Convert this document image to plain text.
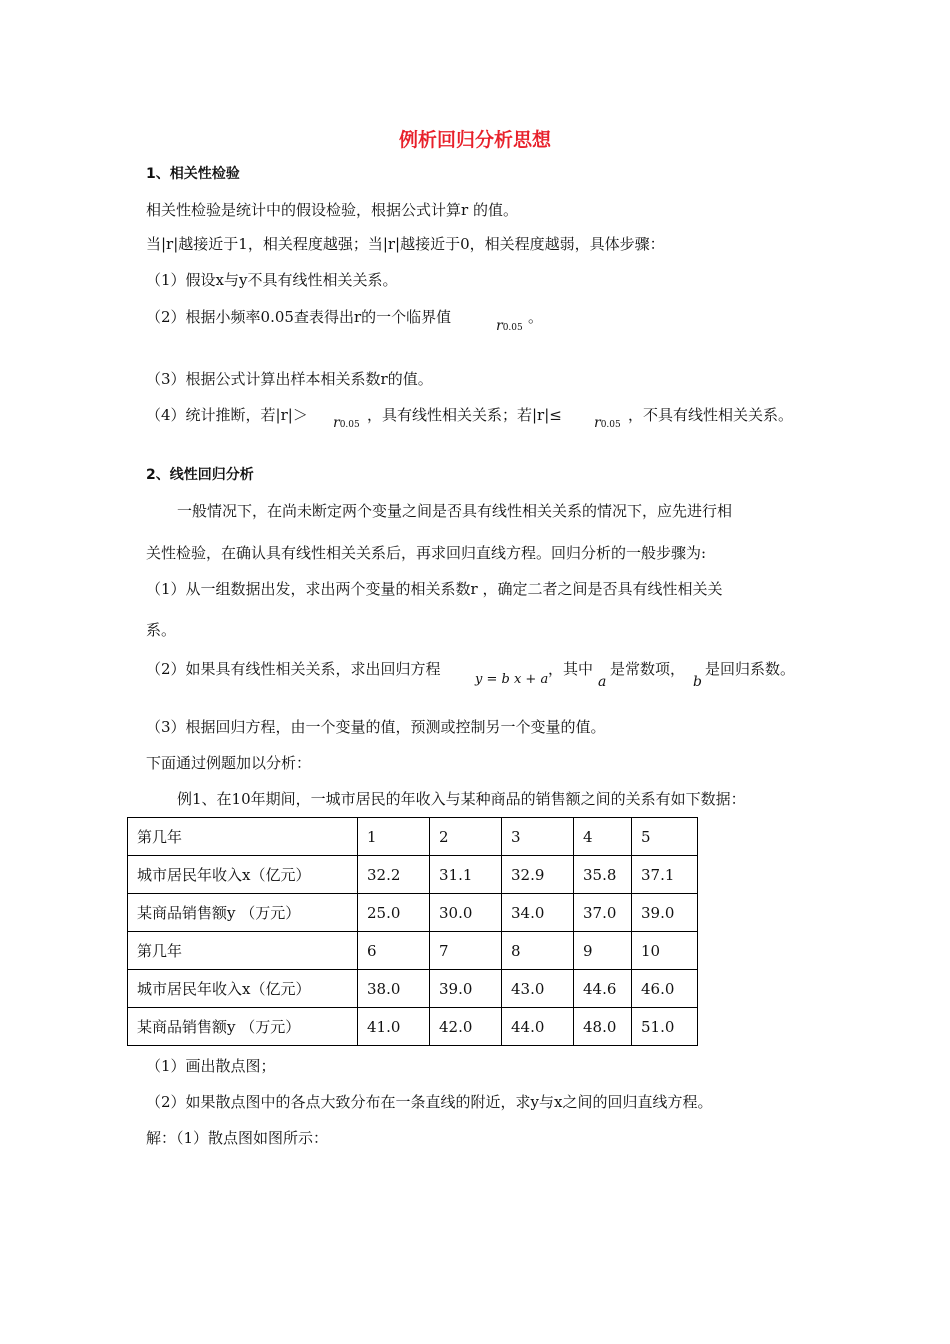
例析回归分析思想
1、相关性检验
相关性检验是统计中的假设检验，根据公式计算r 的值。
当|r|越接近于1，相关程度越强；当|r|越接近于0，相关程度越弱，具体步骤：
（1）假设x与y不具有线性相关关系。
（2）根据小频率0.05查表得出r的一个临界值	r0.05
。
（3）根据公式计算出样本相关系数r的值。
（4）统计推断，若|r|＞ r0.05
，具有线性相关关系；若|r|≤ r0.05
，不具有线性相关关系。
2、线性回归分析
一般情况下，在尚未断定两个变量之间是否具有线性相关关系的情况下，应先进行相
关性检验，在确认具有线性相关关系后，再求回归直线方程。回归分析的一般步骤为:
（1）从一组数据出发，求出两个变量的相关系数r ，确定二者之间是否具有线性相关关
系。
（2）如果具有线性相关关系，求出回归方程
y = b x + a
，其中
a
是常数项，
b
是回归系数。
（3）根据回归方程，由一个变量的值，预测或控制另一个变量的值。
下面通过例题加以分析：
例1、在10年期间，一城市居民的年收入与某种商品的销售额之间的关系有如下数据：
第几年	1	2	3	4	5
城市居民年收入x（亿元）	32.2	31.1	32.9	35.8	37.1
某商品销售额y （万元）	25.0	30.0	34.0	37.0	39.0
第几年	6	7	8	9	10
城市居民年收入x（亿元）	38.0	39.0	43.0	44.6	46.0
某商品销售额y （万元）	41.0	42.0	44.0	48.0	51.0
（1）画出散点图；
（2）如果散点图中的各点大致分布在一条直线的附近，求y与x之间的回归直线方程。
解：（1）散点图如图所示：
